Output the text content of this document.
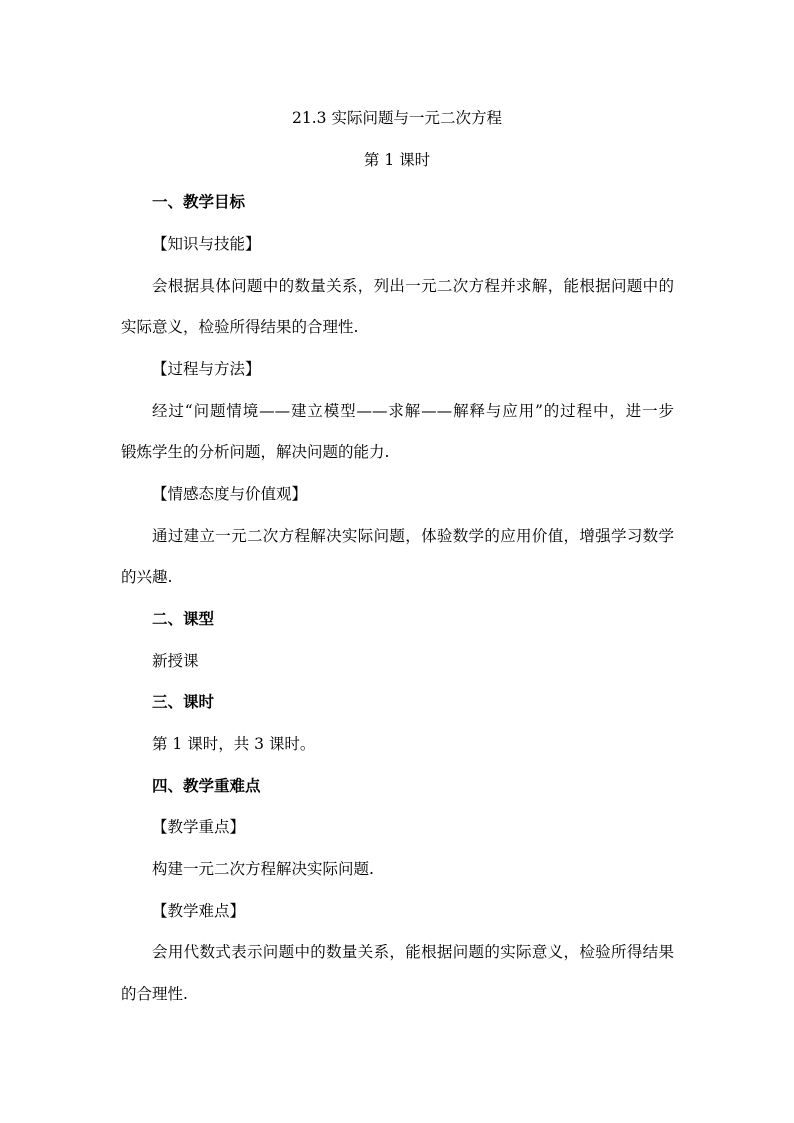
21.3 实际问题与一元二次方程
第 1 课时
一、教学目标
【知识与技能】
会根据具体问题中的数量关系，列出一元二次方程并求解，能根据问题中的
实际意义，检验所得结果的合理性.
【过程与方法】
经过“问题情境——建立模型——求解——解释与应用”的过程中，进一步
锻炼学生的分析问题，解决问题的能力.
【情感态度与价值观】
通过建立一元二次方程解决实际问题，体验数学的应用价值，增强学习数学
的兴趣.
二、课型
新授课
三、课时
第 1 课时，共 3 课时。
四、教学重难点
【教学重点】
构建一元二次方程解决实际问题.
【教学难点】
会用代数式表示问题中的数量关系，能根据问题的实际意义，检验所得结果
的合理性.
